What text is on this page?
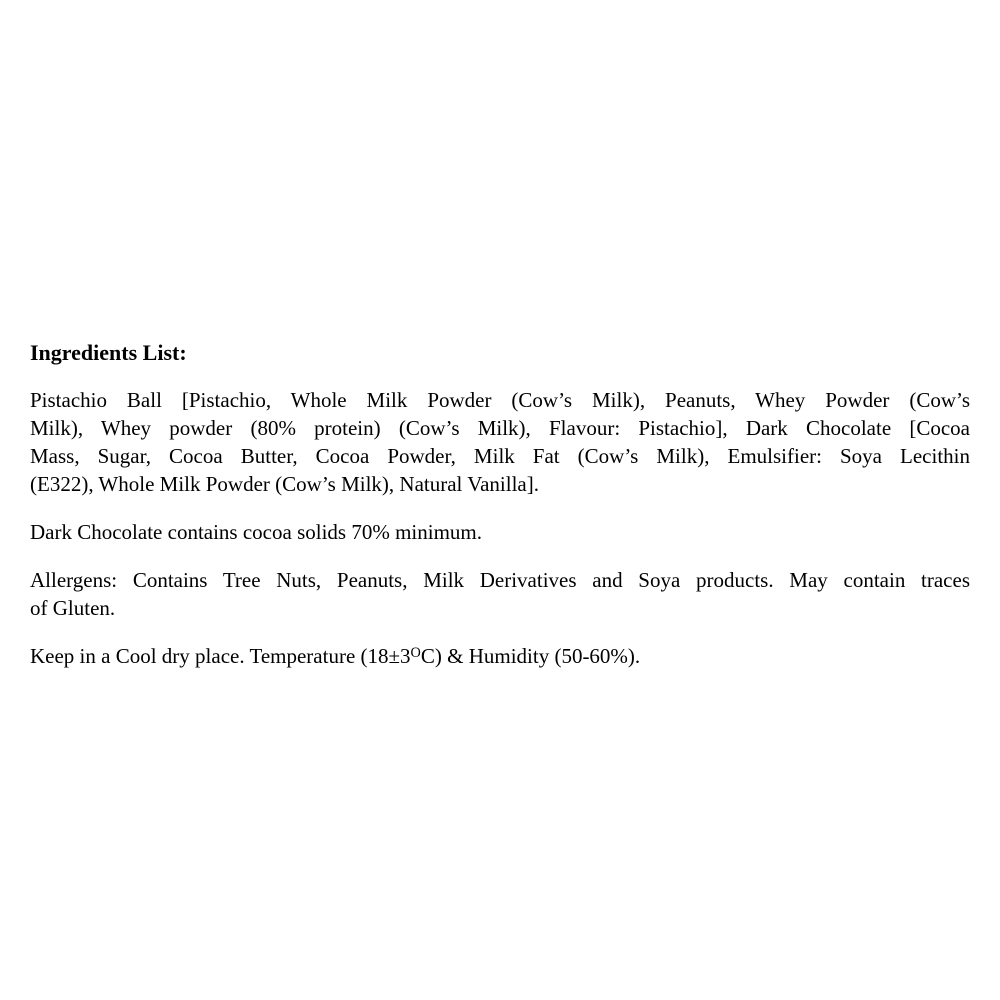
Ingredients List:
Pistachio Ball [Pistachio, Whole Milk Powder (Cow’s Milk), Peanuts, Whey Powder (Cow’s
Milk), Whey powder (80% protein) (Cow’s Milk), Flavour: Pistachio], Dark Chocolate [Cocoa
Mass, Sugar, Cocoa Butter, Cocoa Powder, Milk Fat (Cow’s Milk), Emulsifier: Soya Lecithin
(E322), Whole Milk Powder (Cow’s Milk), Natural Vanilla].
Dark Chocolate contains cocoa solids 70% minimum.
Allergens: Contains Tree Nuts, Peanuts, Milk Derivatives and Soya products. May contain traces
of Gluten.
Keep in a Cool dry place. Temperature (18±3OC) & Humidity (50-60%).
